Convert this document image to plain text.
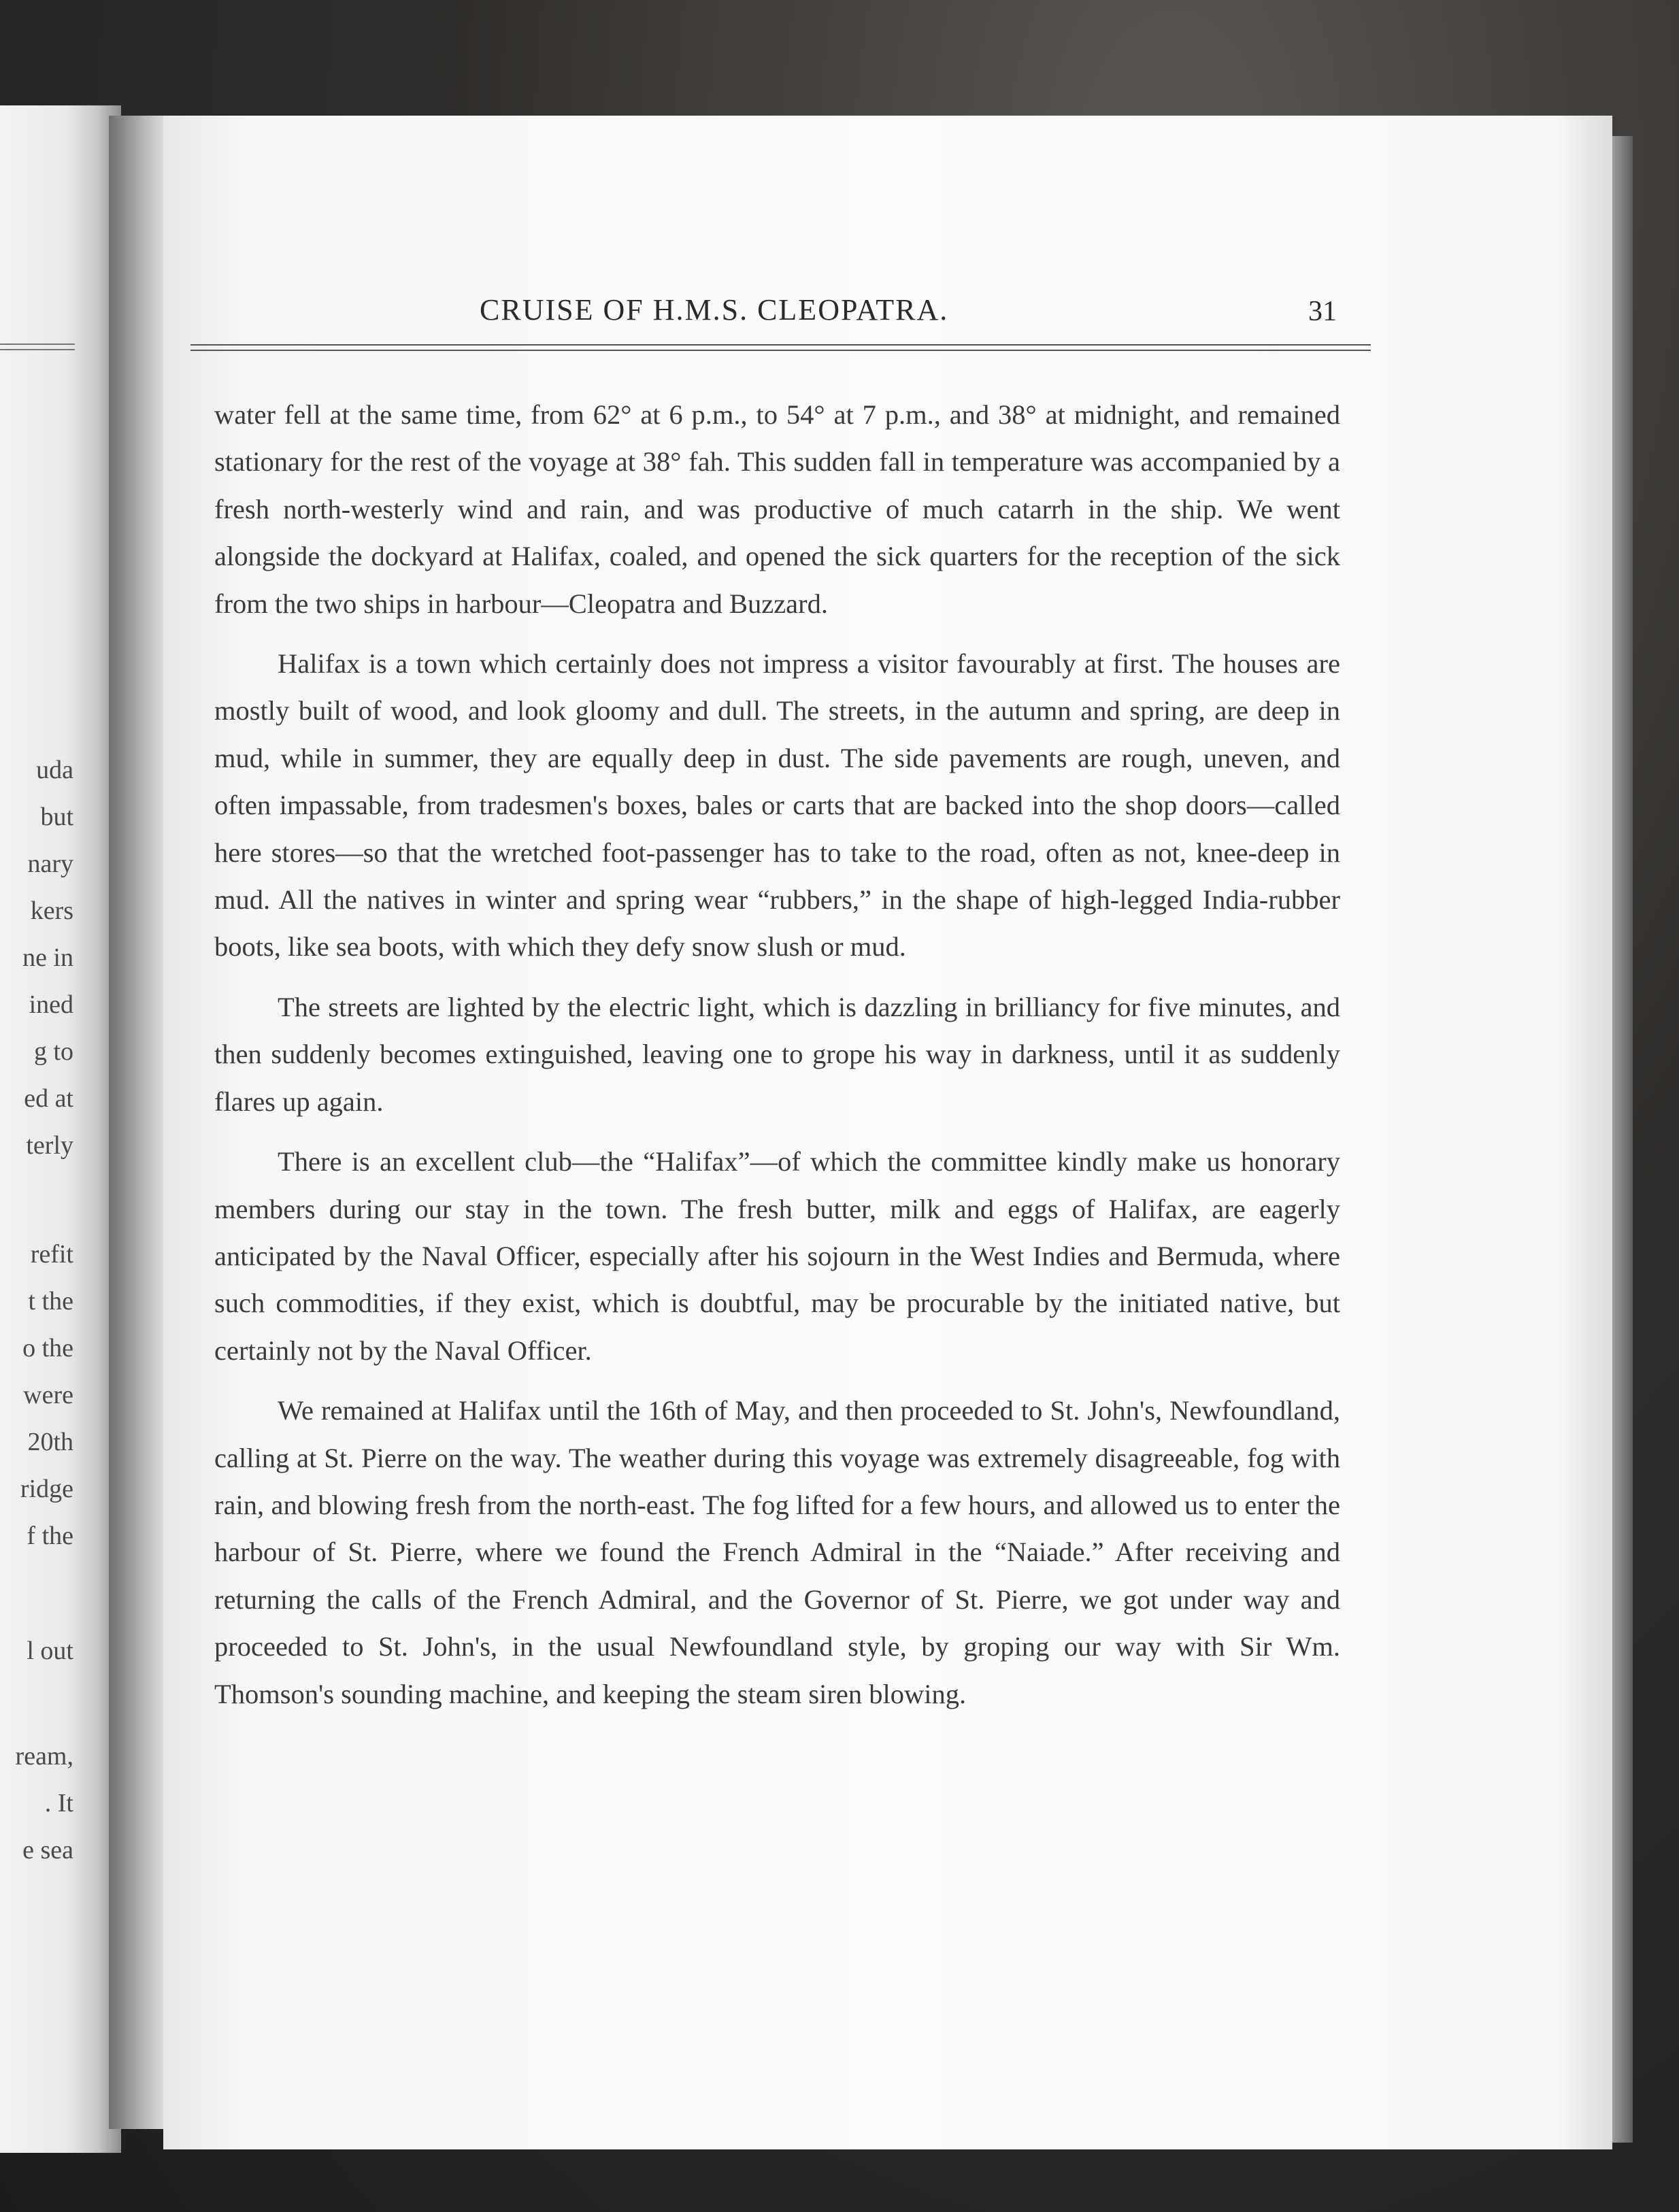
uda
but
nary
kers
ne in
ined
g to
ed at
terly
refit
t the
o the
were
20th
ridge
f the
l out
ream,
. It
e sea
CRUISE OF H.M.S. CLEOPATRA.	31

water fell at the same time, from 62° at 6 p.m., to 54° at 7 p.m., and 38° at midnight, and remained stationary for the rest of the voyage at 38° fah. This sudden fall in temperature was accompanied by a fresh north-westerly wind and rain, and was productive of much catarrh in the ship. We went alongside the dockyard at Halifax, coaled, and opened the sick quarters for the reception of the sick from the two ships in harbour—Cleopatra and Buzzard.

Halifax is a town which certainly does not impress a visitor favourably at first. The houses are mostly built of wood, and look gloomy and dull. The streets, in the autumn and spring, are deep in mud, while in summer, they are equally deep in dust. The side pavements are rough, uneven, and often impassable, from tradesmen's boxes, bales or carts that are backed into the shop doors—called here stores—so that the wretched foot-passenger has to take to the road, often as not, knee-deep in mud. All the natives in winter and spring wear “rubbers,” in the shape of high-legged India-rubber boots, like sea boots, with which they defy snow slush or mud.

The streets are lighted by the electric light, which is dazzling in brilliancy for five minutes, and then suddenly becomes extinguished, leaving one to grope his way in darkness, until it as suddenly flares up again.

There is an excellent club—the “Halifax”—of which the committee kindly make us honorary members during our stay in the town. The fresh butter, milk and eggs of Halifax, are eagerly anticipated by the Naval Officer, especially after his sojourn in the West Indies and Bermuda, where such commodities, if they exist, which is doubtful, may be procurable by the initiated native, but certainly not by the Naval Officer.

We remained at Halifax until the 16th of May, and then proceeded to St. John's, Newfoundland, calling at St. Pierre on the way. The weather during this voyage was extremely disagreeable, fog with rain, and blowing fresh from the north-east. The fog lifted for a few hours, and allowed us to enter the harbour of St. Pierre, where we found the French Admiral in the “Naiade.” After receiving and returning the calls of the French Admiral, and the Governor of St. Pierre, we got under way and proceeded to St. John's, in the usual Newfoundland style, by groping our way with Sir Wm. Thomson's sounding machine, and keeping the steam siren blowing.
